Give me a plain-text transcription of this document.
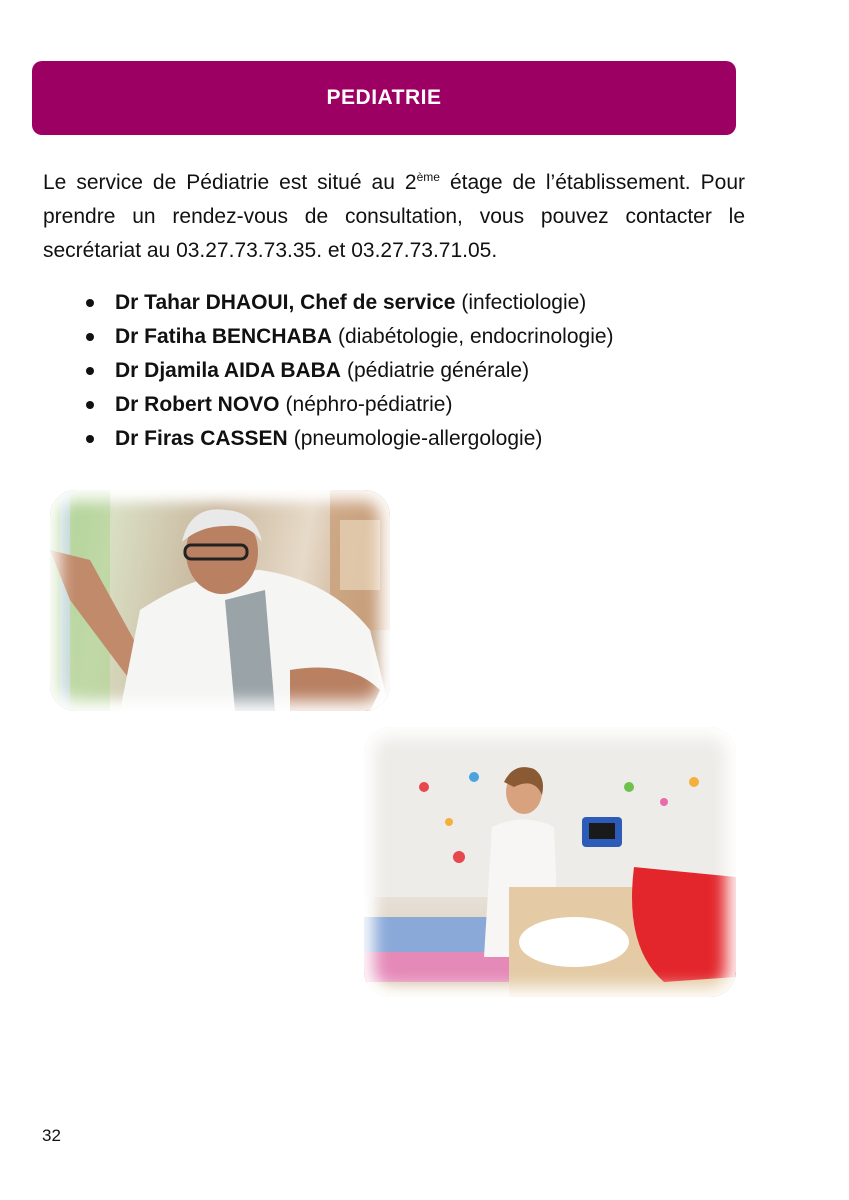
PEDIATRIE

Le service de Pédiatrie est situé au 2ème étage de l’établissement. Pour prendre un rendez-vous de consultation, vous pouvez contacter le secrétariat au 03.27.73.73.35. et 03.27.73.71.05.

Dr Tahar DHAOUI, Chef de service (infectiologie)
Dr Fatiha BENCHABA (diabétologie, endocrinologie)
Dr Djamila AIDA BABA (pédiatrie générale)
Dr Robert NOVO (néphro-pédiatrie)
Dr Firas CASSEN (pneumologie-allergologie)
32
